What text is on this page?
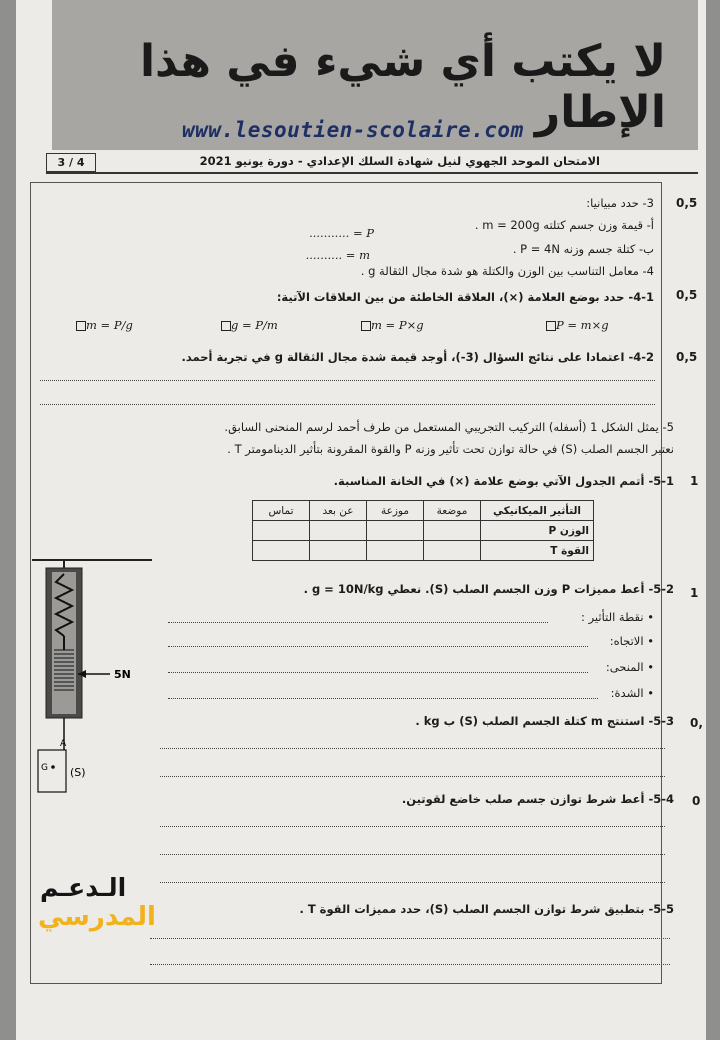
لا يكتب أي شيء في هذا الإطار
www.lesoutien-scolaire.com
3 / 4	الامتحان الموحد الجهوي لنيل شهادة السلك الإعدادي - دورة يونيو 2021
0,5
0,5
0,5
1
1
0,
0
3- حدد مبيانيا:
أ- قيمة وزن جسم كتلته m = 200g .
P = ...........
ب- كتلة جسم وزنه P = 4N .
m = ..........
4- معامل التناسب بين الوزن والكتلة هو شدة مجال الثقالة g .
4-1- حدد بوضع العلامة (×)، العلاقة الخاطئة من بين العلاقات الآتية:
m = P/g	g = P/m	m = P×g	P = m×g
4-2- اعتمادا على نتائج السؤال (3-)، أوجد قيمة شدة مجال الثقالة g في تجربة أحمد.
5- يمثل الشكل 1 (أسفله) التركيب التجريبي المستعمل من طرف أحمد لرسم المنحنى السابق.
نعتبر الجسم الصلب (S) في حالة توازن تحت تأثير وزنه P والقوة المقرونة بتأثير الدينامومتر T .
5-1- أتمم الجدول الآتي بوضع علامة (×) في الخانة المناسبة.
التأثير الميكانيكي	موضعة	موزعة	عن بعد	تماس
الوزن P				
القوة T				
5-2- أعط مميزات P وزن الجسم الصلب (S). نعطي g = 10N/kg .
• نقطة التأثير :
• الاتجاه:
• المنحى:
• الشدة:
5-3- استنتج m كتلة الجسم الصلب (S) ب kg .
5-4- أعط شرط توازن جسم صلب خاضع لقوتين.
5-5- بتطبيق شرط توازن الجسم الصلب (S)، حدد مميزات القوة T .
5N
A
G (S)
الـدعـم
المدرسي
